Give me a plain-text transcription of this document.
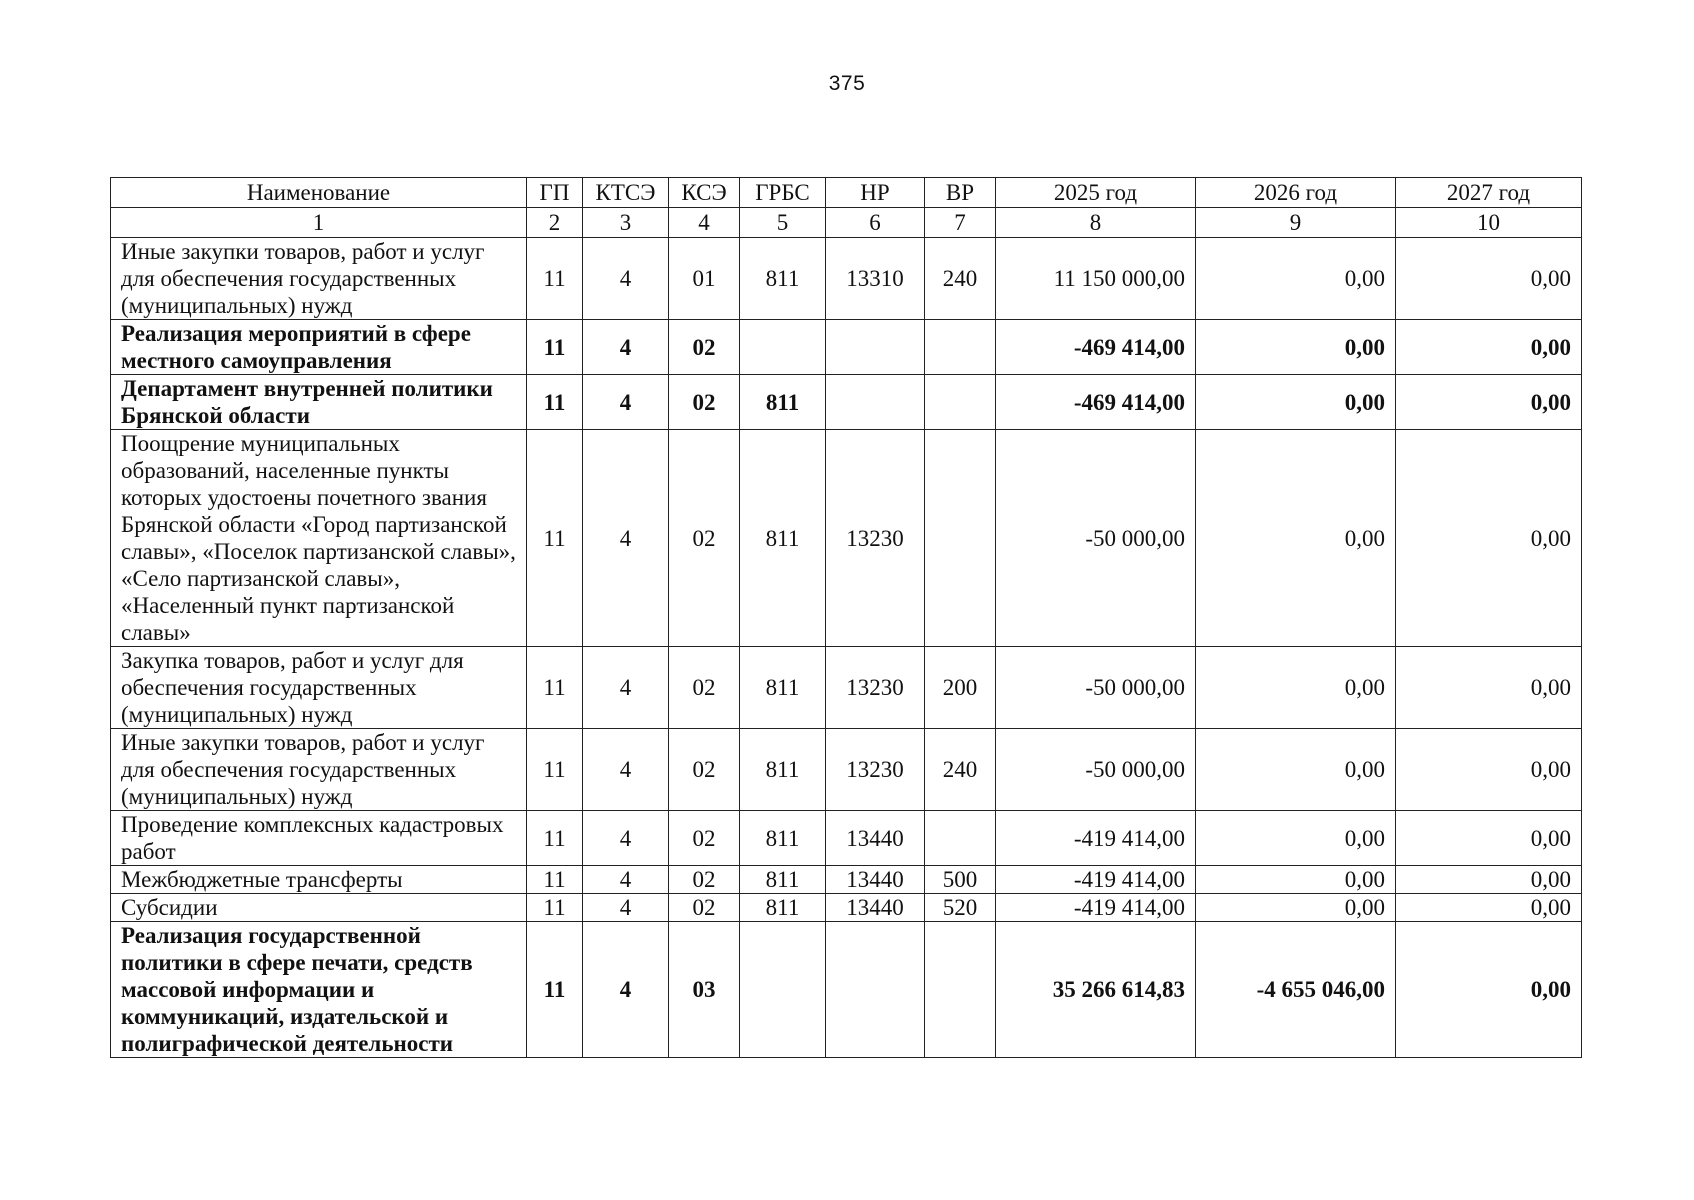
375
Наименование	ГП	КТСЭ	КСЭ	ГРБС	НР	ВР	2025 год	2026 год	2027 год
1	2	3	4	5	6	7	8	9	10
Иные закупки товаров, работ и услуг для обеспечения государственных (муниципальных) нужд	11	4	01	811	13310	240	11 150 000,00	0,00	0,00
Реализация мероприятий в сфере местного самоуправления	11	4	02				-469 414,00	0,00	0,00
Департамент внутренней политики Брянской области	11	4	02	811			-469 414,00	0,00	0,00
Поощрение муниципальных образований, населенные пункты которых удостоены почетного звания Брянской области «Город партизанской славы», «Поселок партизанской славы», «Село партизанской славы», «Населенный пункт партизанской славы»	11	4	02	811	13230		-50 000,00	0,00	0,00
Закупка товаров, работ и услуг для обеспечения государственных (муниципальных) нужд	11	4	02	811	13230	200	-50 000,00	0,00	0,00
Иные закупки товаров, работ и услуг для обеспечения государственных (муниципальных) нужд	11	4	02	811	13230	240	-50 000,00	0,00	0,00
Проведение комплексных кадастровых работ	11	4	02	811	13440		-419 414,00	0,00	0,00
Межбюджетные трансферты	11	4	02	811	13440	500	-419 414,00	0,00	0,00
Субсидии	11	4	02	811	13440	520	-419 414,00	0,00	0,00
Реализация государственной политики в сфере печати, средств массовой информации и коммуникаций, издательской и полиграфической деятельности	11	4	03				35 266 614,83	-4 655 046,00	0,00
